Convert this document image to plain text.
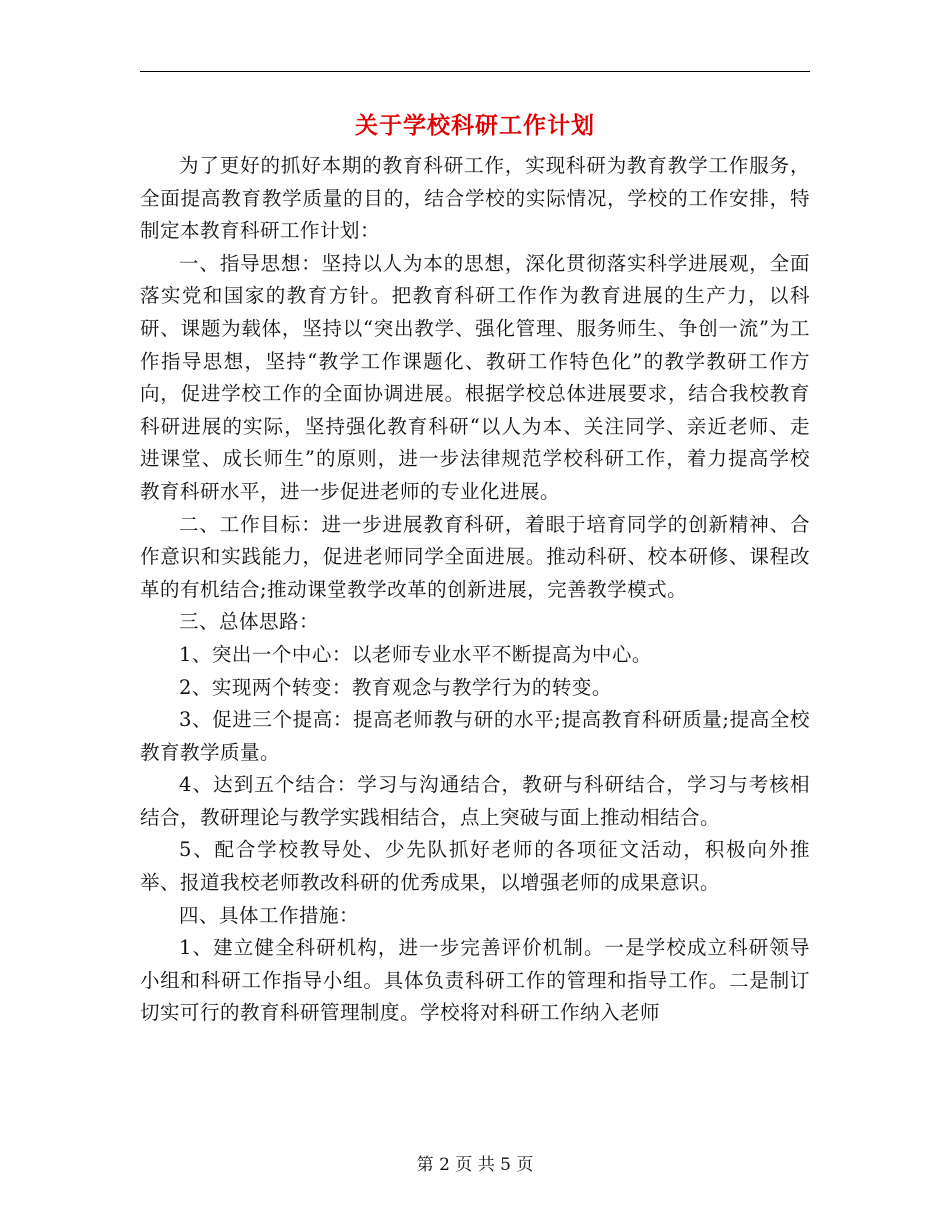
关于学校科研工作计划

为了更好的抓好本期的教育科研工作，实现科研为教育教学工作服务，全面提高教育教学质量的目的，结合学校的实际情况，学校的工作安排，特制定本教育科研工作计划：

一、指导思想：坚持以人为本的思想，深化贯彻落实科学进展观，全面落实党和国家的教育方针。把教育科研工作作为教育进展的生产力，以科研、课题为载体，坚持以“突出教学、强化管理、服务师生、争创一流”为工作指导思想，坚持“教学工作课题化、教研工作特色化”的教学教研工作方向，促进学校工作的全面协调进展。根据学校总体进展要求，结合我校教育科研进展的实际，坚持强化教育科研“以人为本、关注同学、亲近老师、走进课堂、成长师生”的原则，进一步法律规范学校科研工作，着力提高学校教育科研水平，进一步促进老师的专业化进展。

二、工作目标：进一步进展教育科研，着眼于培育同学的创新精神、合作意识和实践能力，促进老师同学全面进展。推动科研、校本研修、课程改革的有机结合;推动课堂教学改革的创新进展，完善教学模式。

三、总体思路：

1、突出一个中心：以老师专业水平不断提高为中心。

2、实现两个转变：教育观念与教学行为的转变。

3、促进三个提高：提高老师教与研的水平;提高教育科研质量;提高全校教育教学质量。

4、达到五个结合：学习与沟通结合，教研与科研结合，学习与考核相结合，教研理论与教学实践相结合，点上突破与面上推动相结合。

5、配合学校教导处、少先队抓好老师的各项征文活动，积极向外推举、报道我校老师教改科研的优秀成果，以增强老师的成果意识。

四、具体工作措施：

1、建立健全科研机构，进一步完善评价机制。一是学校成立科研领导小组和科研工作指导小组。具体负责科研工作的管理和指导工作。二是制订切实可行的教育科研管理制度。学校将对科研工作纳入老师

第 2 页 共 5 页
